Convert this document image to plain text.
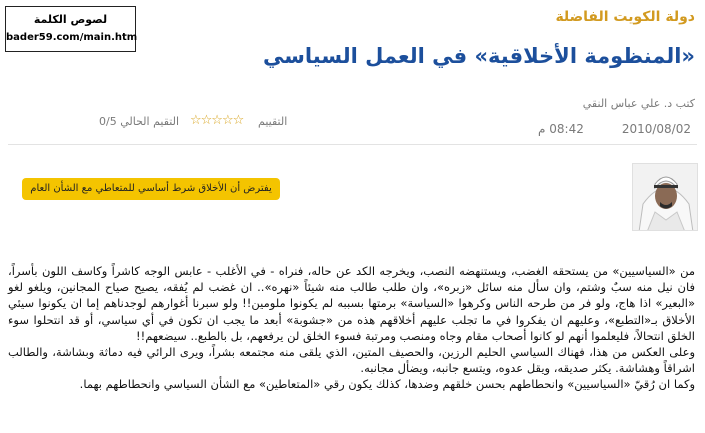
لصوص الكلمة
bader59.com/main.htm
دولة الكويت الفاضلة
«المنظومة الأخلاقية» في العمل السياسي
كتب د. علي عباس النقي
التقييم
☆☆☆☆☆
التقيم الحالي 0/5
2010/08/02
08:42 م
يفترض أن الأخلاق شرط أساسي للمتعاطي مع الشأن العام

من «السياسيين» من يستحقه الغضب، ويستنهضه النصب، ويخرجه الكد عن حاله، فنراه - في الأغلب - عابس الوجه كاشراً وكاسف اللون بأسراً، فان نيل منه سبٌ وشتم، وان سأل منه سائل «زبره»، وان طلب طالب منه شيئاً «نهره».. ان غضب لم يُفقه، يصيح صياح المجانين، ويلغو لغو «البعير» اذا هاج، ولو فر من طرحه الناس وكرهوا «السياسة» برمتها بسببه لم يكونوا ملومين!! ولو سبرنا أغوارهم لوجدناهم إما ان يكونوا سيئي الأخلاق بـ«التطبع»، وعليهم ان يفكروا في ما تجلب عليهم أخلاقهم هذه من «جشوبة» أبعد ما يجب ان تكون في أي سياسي، أو قد انتحلوا سوء الخلق انتحالاً، فليعلموا أنهم لو كانوا أصحاب مقام وجاه ومنصب ومرتبة فسوء الخلق لن يرفعهم، بل بالطبع.. سيضعهم!!

وعلى العكس من هذا، فهناك السياسي الحليم الرزين، والحصيف المتين، الذي يلقى منه مجتمعه بشراً، ويرى الرائي فيه دماثة وبشاشة، والطالب اشراقاً وهشاشة. يكثر صديقه، ويقل عدوه، ويتسع جانبه، ويضأل مجانبه.

وكما ان رُقيّ «السياسيين» وانحطاطهم بحسن خلقهم وضدها، كذلك يكون رقي «المتعاطين» مع الشأن السياسي وانحطاطهم بهما.
